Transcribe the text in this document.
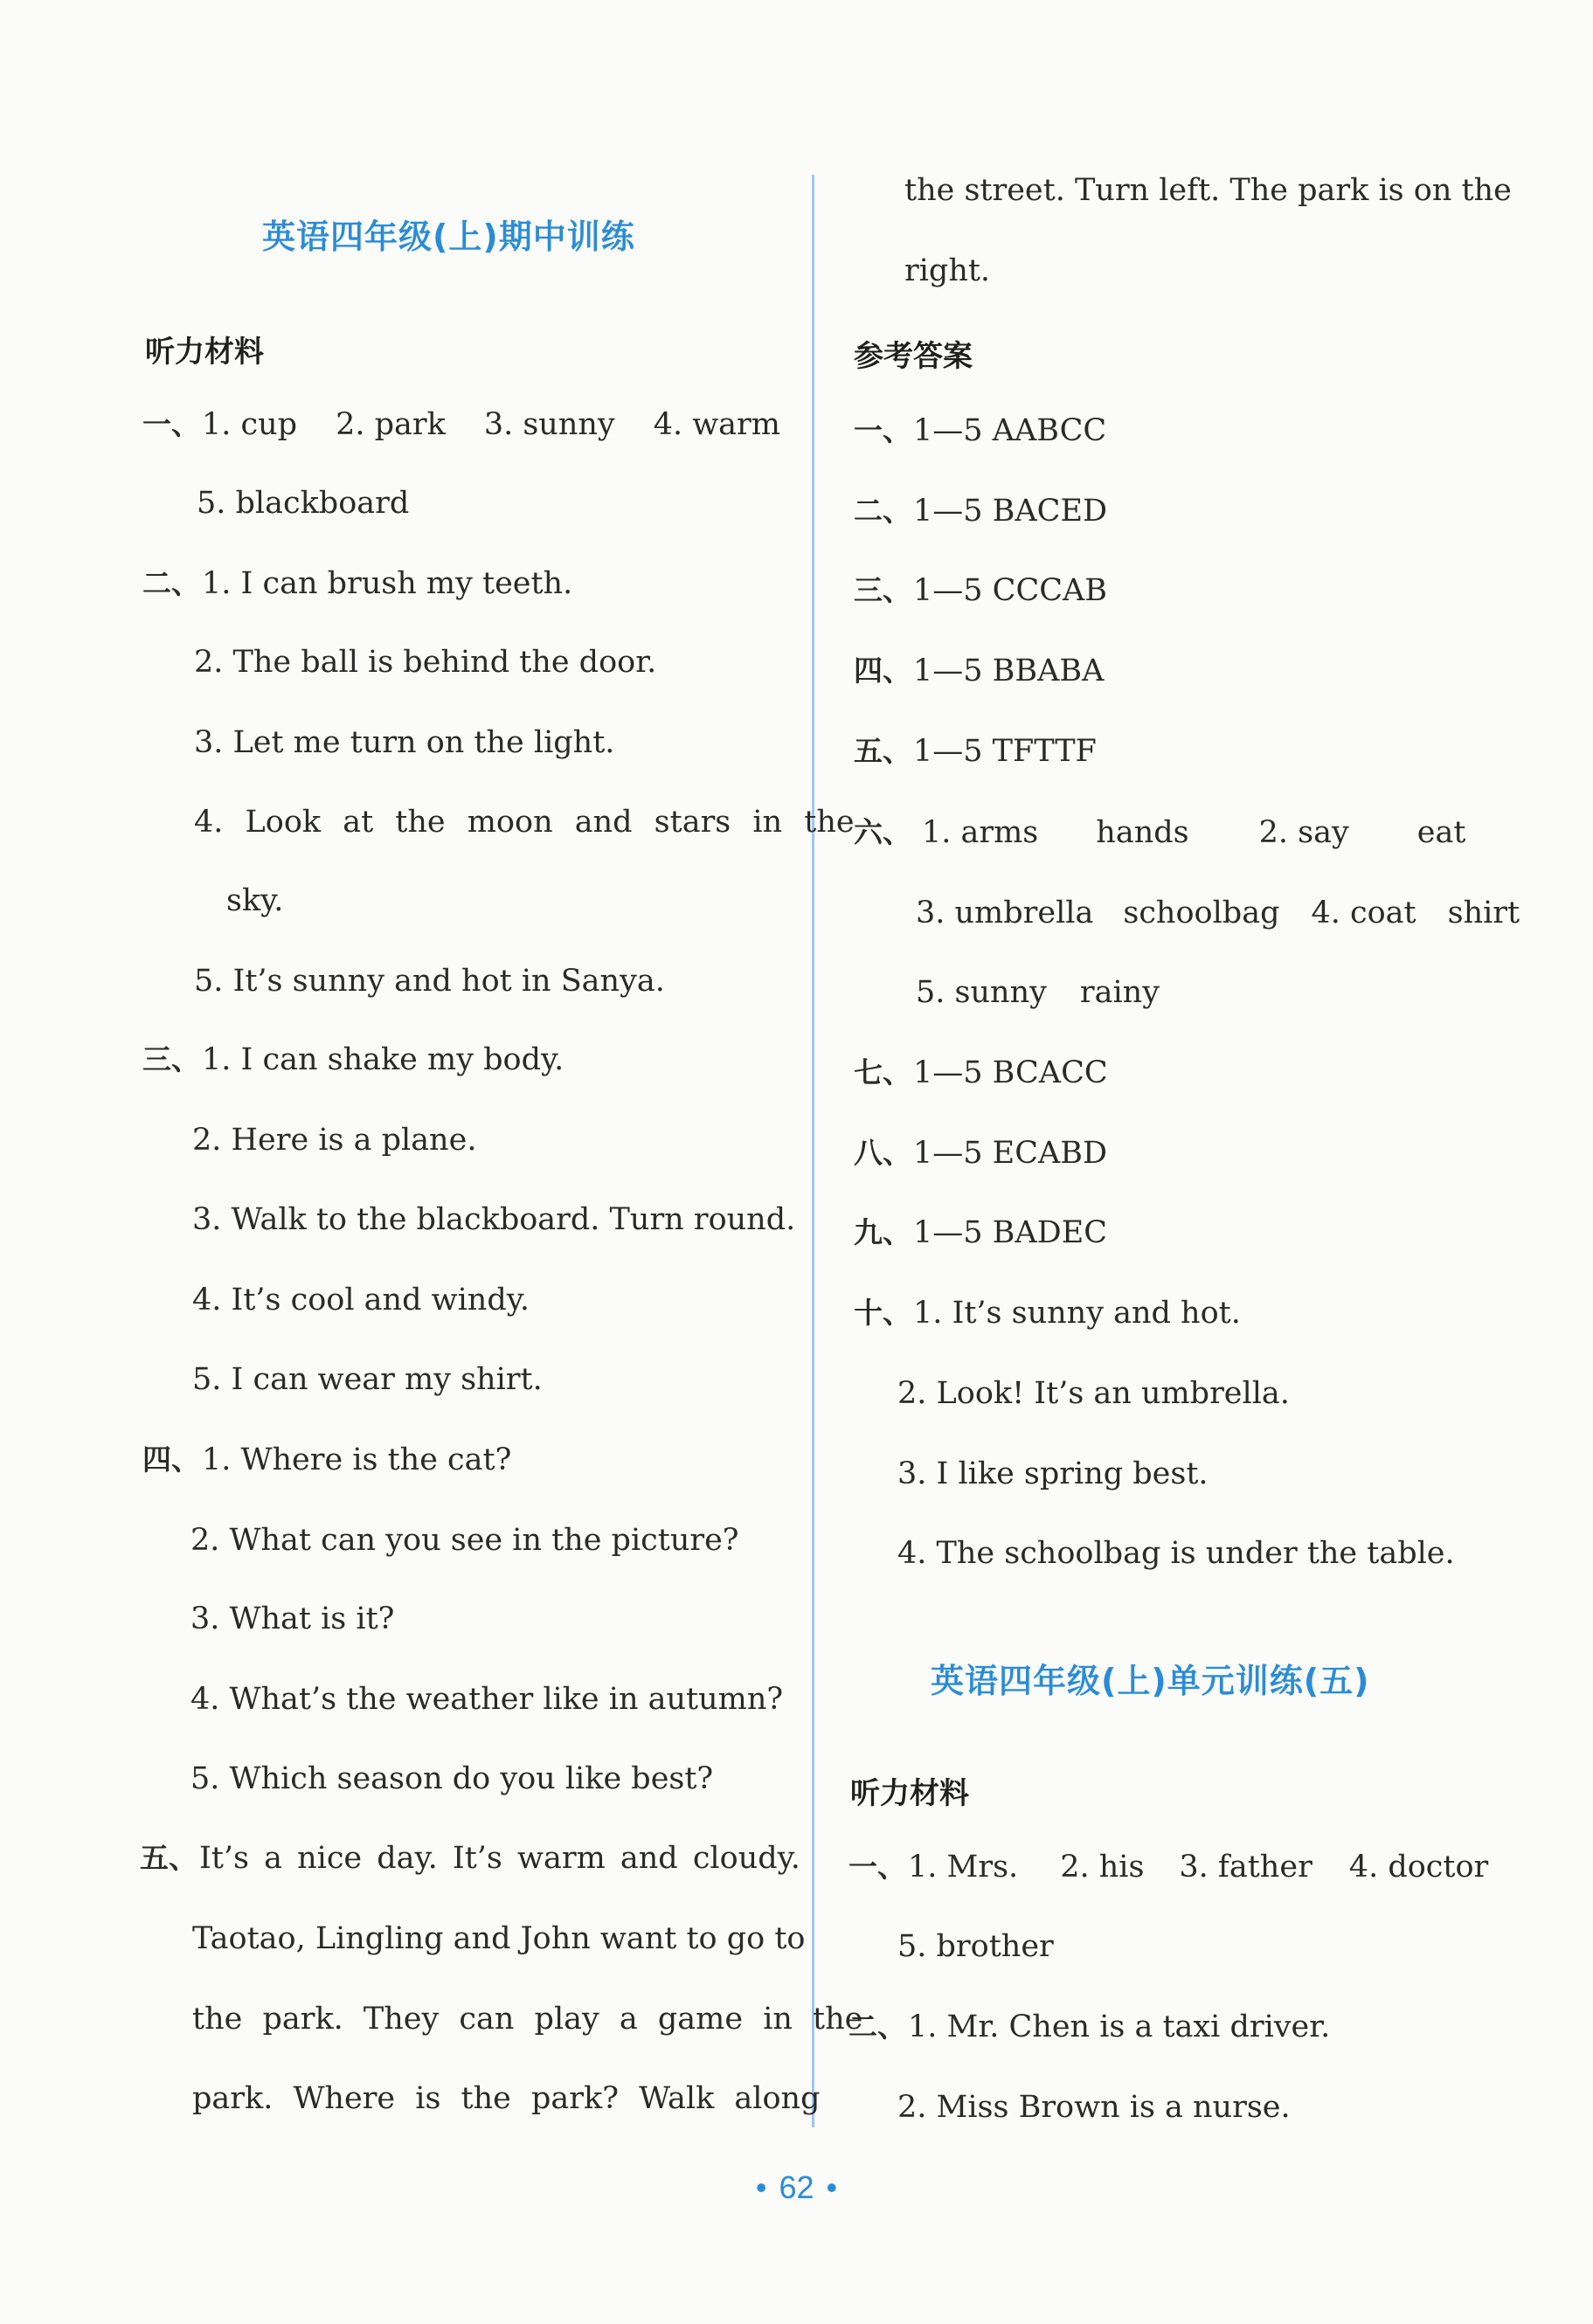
英语四年级(上)期中训练
听力材料
一、1. cup 2. park 3. sunny 4. warm
5. blackboard
二、1. I can brush my teeth.
2. The ball is behind the door.
3. Let me turn on the light.
4. Look at the moon and stars in the
sky.
5. It’s sunny and hot in Sanya.
三、1. I can shake my body.
2. Here is a plane.
3. Walk to the blackboard. Turn round.
4. It’s cool and windy.
5. I can wear my shirt.
四、1. Where is the cat?
2. What can you see in the picture?
3. What is it?
4. What’s the weather like in autumn?
5. Which season do you like best?
五、It’s a nice day. It’s warm and cloudy.
Taotao, Lingling and John want to go to
the park. They can play a game in the
park. Where is the park? Walk along
the street. Turn left. The park is on the
right.
参考答案
一、1—5 AABCC
二、1—5 BACED
三、1—5 CCCAB
四、1—5 BBABA
五、1—5 TFTTF
六、 1. arms hands 2. say eat
3. umbrella schoolbag 4. coat shirt
5. sunny rainy
七、1—5 BCACC
八、1—5 ECABD
九、1—5 BADEC
十、1. It’s sunny and hot.
2. Look! It’s an umbrella.
3. I like spring best.
4. The schoolbag is under the table.
英语四年级(上)单元训练(五)
听力材料
一、1. Mrs. 2. his 3. father 4. doctor
5. brother
二、1. Mr. Chen is a taxi driver.
2. Miss Brown is a nurse.
• 62 •
